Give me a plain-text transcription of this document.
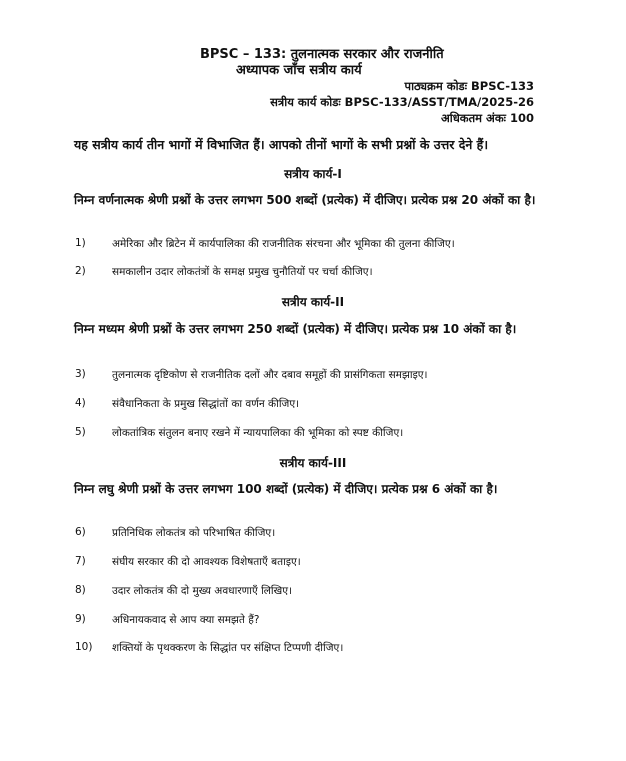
BPSC – 133: तुलनात्मक सरकार और राजनीति
अध्यापक जाँच सत्रीय कार्य
पाठ्यक्रम कोडः BPSC-133
सत्रीय कार्य कोडः BPSC-133/ASST/TMA/2025-26
अधिकतम अंकः 100
यह सत्रीय कार्य तीन भागों में विभाजित हैं। आपको तीनों भागों के सभी प्रश्नों के उत्तर देने हैं।
सत्रीय कार्य-I
निम्न वर्णनात्मक श्रेणी प्रश्नों के उत्तर लगभग 500 शब्दों (प्रत्येक) में दीजिए। प्रत्येक प्रश्न 20 अंकों का है।
1) अमेरिका और ब्रिटेन में कार्यपालिका की राजनीतिक संरचना और भूमिका की तुलना कीजिए।
2) समकालीन उदार लोकतंत्रों के समक्ष प्रमुख चुनौतियों पर चर्चा कीजिए।
सत्रीय कार्य-II
निम्न मध्यम श्रेणी प्रश्नों के उत्तर लगभग 250 शब्दों (प्रत्येक) में दीजिए। प्रत्येक प्रश्न 10 अंकों का है।
3) तुलनात्मक दृष्टिकोण से राजनीतिक दलों और दबाव समूहों की प्रासंगिकता समझाइए।
4) संवैधानिकता के प्रमुख सिद्धांतों का वर्णन कीजिए।
5) लोकतांत्रिक संतुलन बनाए रखने में न्यायपालिका की भूमिका को स्पष्ट कीजिए।
सत्रीय कार्य-III
निम्न लघु श्रेणी प्रश्नों के उत्तर लगभग 100 शब्दों (प्रत्येक) में दीजिए। प्रत्येक प्रश्न 6 अंकों का है।
6) प्रतिनिधिक लोकतंत्र को परिभाषित कीजिए।
7) संघीय सरकार की दो आवश्यक विशेषताएँ बताइए।
8) उदार लोकतंत्र की दो मुख्य अवधारणाएँ लिखिए।
9) अधिनायकवाद से आप क्या समझते हैं?
10) शक्तियों के पृथक्करण के सिद्धांत पर संक्षिप्त टिप्पणी दीजिए।
